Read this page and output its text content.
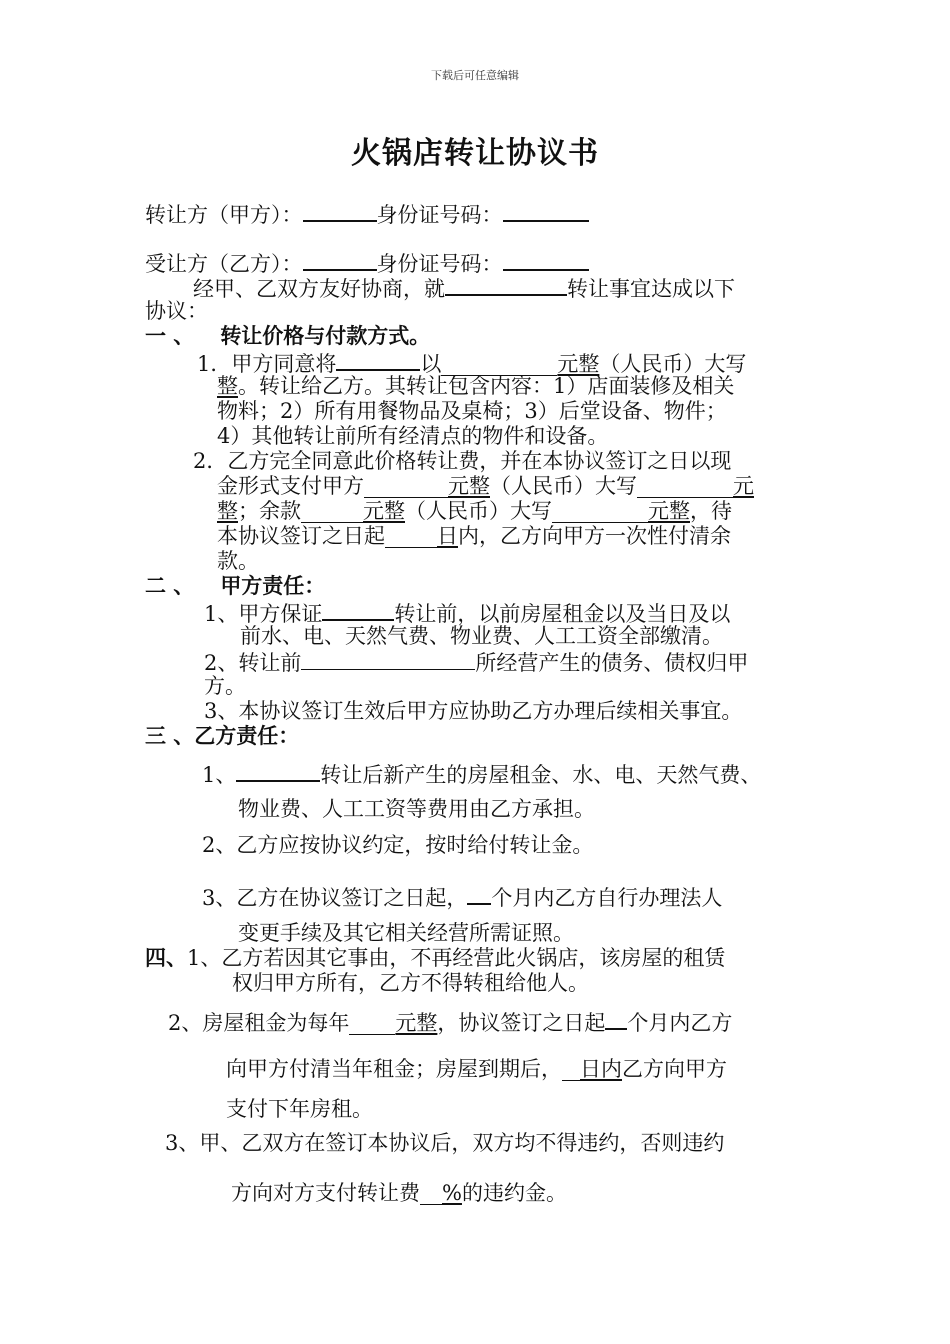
下载后可任意编辑
火锅店转让协议书
转让方（甲方）：	身份证号码：
受让方（乙方）：	身份证号码：
经甲、乙双方友好协商，就	转让事宜达成以下
协议：
一 、 转让价格与付款方式。
1．甲方同意将	以	元整（人民币）大写
整。转让给乙方。其转让包含内容：1）店面装修及相关
物料；2）所有用餐物品及桌椅；3）后堂设备、物件；
4）其他转让前所有经清点的物件和设备。
2．乙方完全同意此价格转让费，并在本协议签订之日以现
金形式支付甲方	元整（人民币）大写	元
整；余款	元整（人民币）大写	元整，待
本协议签订之日起 日内，乙方向甲方一次性付清余
款。
二 、 甲方责任：
1、甲方保证	转让前，以前房屋租金以及当日及以
前水、电、天然气费、物业费、人工工资全部缴清。
2、转让前	所经营产生的债务、债权归甲
方。
3、本协议签订生效后甲方应协助乙方办理后续相关事宜。
三 、乙方责任：
1、	转让后新产生的房屋租金、水、电、天然气费、
物业费、人工工资等费用由乙方承担。
2、乙方应按协议约定，按时给付转让金。
3、乙方在协议签订之日起， 个月内乙方自行办理法人
变更手续及其它相关经营所需证照。
四、1、乙方若因其它事由，不再经营此火锅店，该房屋的租赁
权归甲方所有，乙方不得转租给他人。
2、房屋租金为每年 元整，协议签订之日起 个月内乙方
向甲方付清当年租金；房屋到期后， 日内乙方向甲方
支付下年房租。
3、甲、乙双方在签订本协议后，双方均不得违约，否则违约
方向对方支付转让费 %的违约金。
